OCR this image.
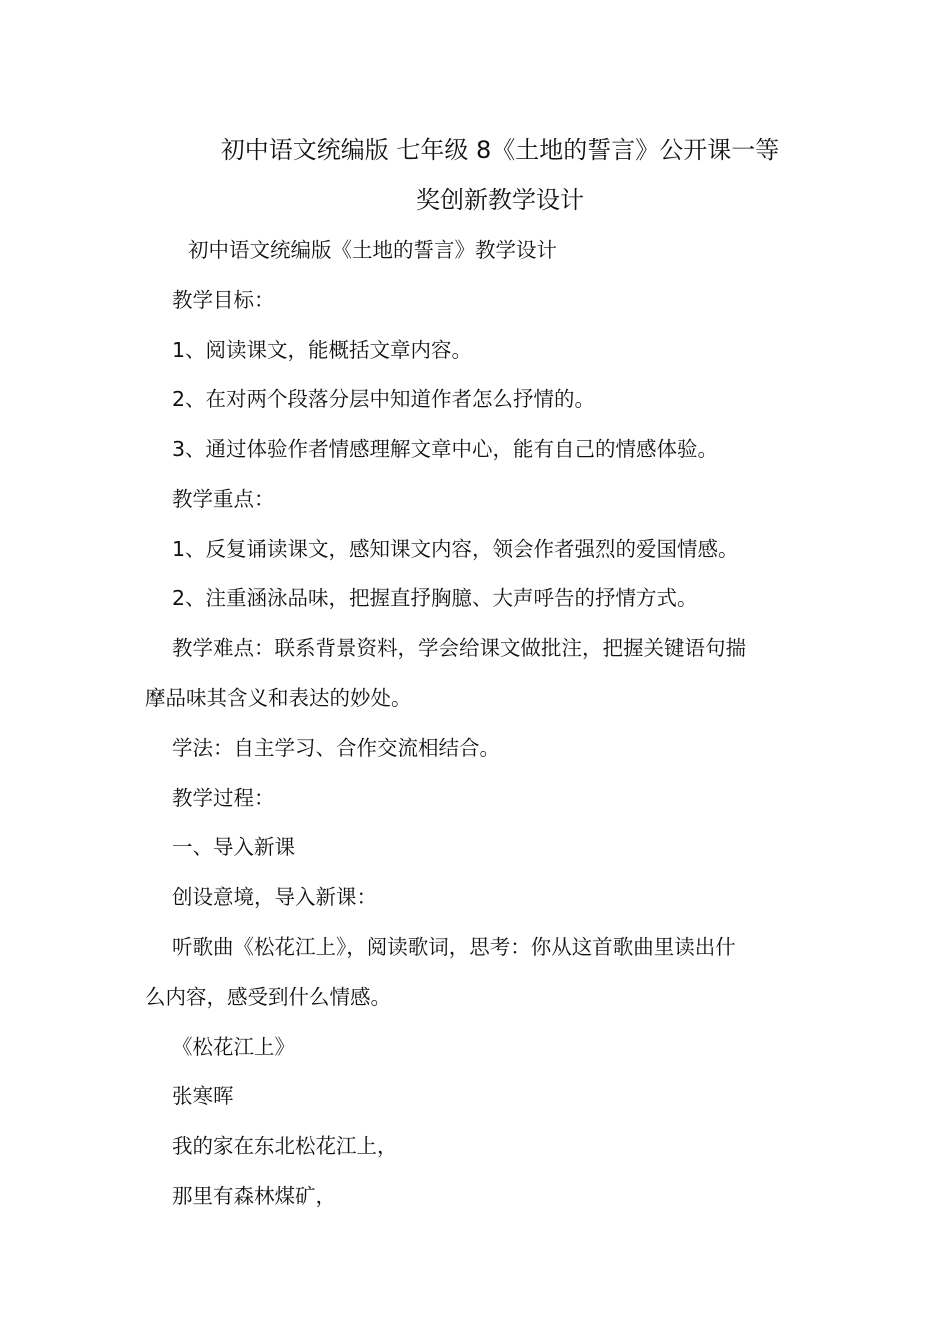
初中语文统编版 七年级 8《土地的誓言》公开课一等
奖创新教学设计
初中语文统编版《土地的誓言》教学设计
教学目标：
1、阅读课文，能概括文章内容。
2、在对两个段落分层中知道作者怎么抒情的。
3、通过体验作者情感理解文章中心，能有自己的情感体验。
教学重点：
1、反复诵读课文，感知课文内容，领会作者强烈的爱国情感。
2、注重涵泳品味，把握直抒胸臆、大声呼告的抒情方式。
教学难点：联系背景资料，学会给课文做批注，把握关键语句揣
摩品味其含义和表达的妙处。
学法：自主学习、合作交流相结合。
教学过程：
一、导入新课
创设意境，导入新课：
听歌曲《松花江上》，阅读歌词，思考：你从这首歌曲里读出什
么内容，感受到什么情感。
《松花江上》
张寒晖
我的家在东北松花江上，
那里有森林煤矿，
